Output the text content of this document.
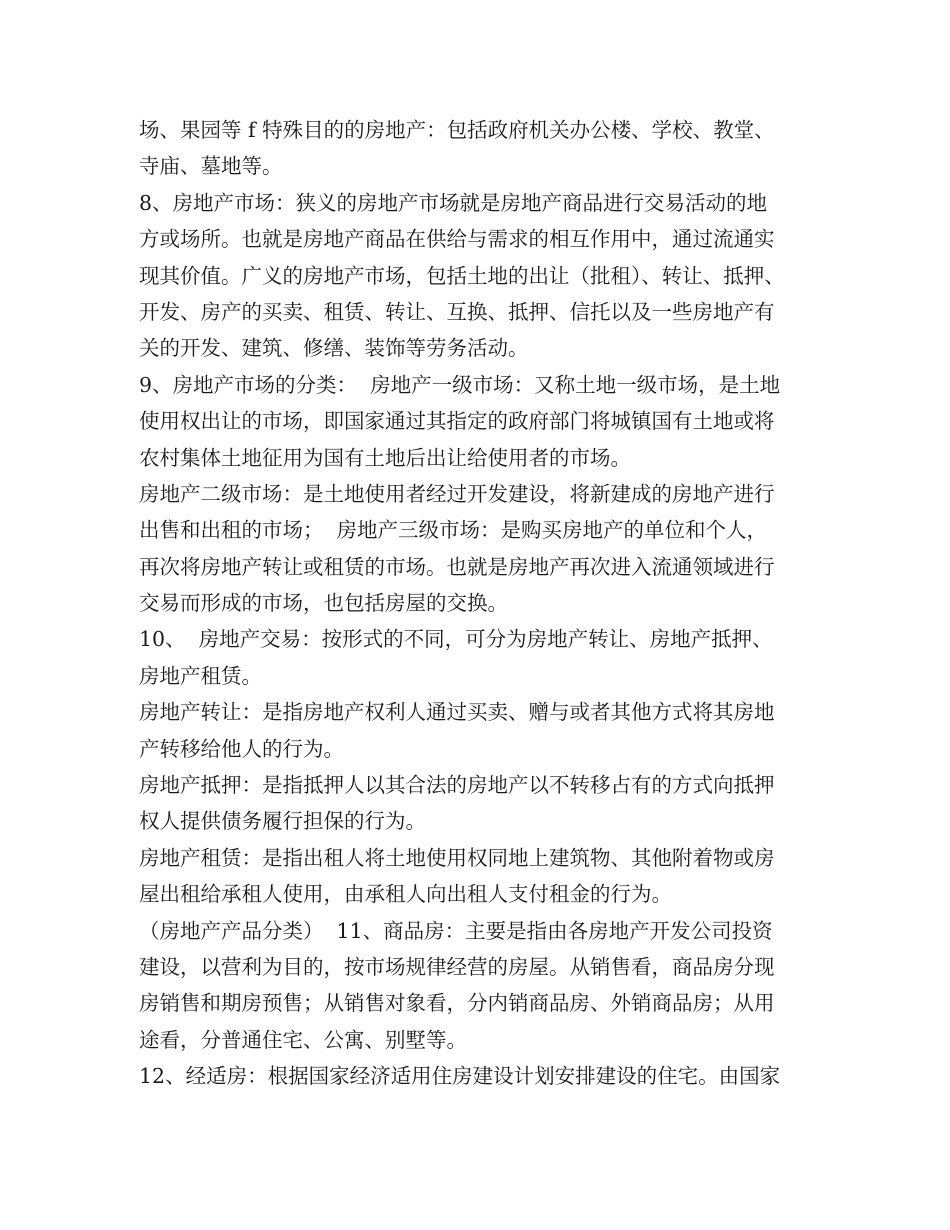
场、果园等 f 特殊目的的房地产：包括政府机关办公楼、学校、教堂、
寺庙、墓地等。
8、房地产市场：狭义的房地产市场就是房地产商品进行交易活动的地
方或场所。也就是房地产商品在供给与需求的相互作用中，通过流通实
现其价值。广义的房地产市场，包括土地的出让（批租）、转让、抵押、
开发、房产的买卖、租赁、转让、互换、抵押、信托以及一些房地产有
关的开发、建筑、修缮、装饰等劳务活动。
9、房地产市场的分类：  房地产一级市场：又称土地一级市场，是土地
使用权出让的市场，即国家通过其指定的政府部门将城镇国有土地或将
农村集体土地征用为国有土地后出让给使用者的市场。
房地产二级市场：是土地使用者经过开发建设，将新建成的房地产进行
出售和出租的市场；  房地产三级市场：是购买房地产的单位和个人，
再次将房地产转让或租赁的市场。也就是房地产再次进入流通领域进行
交易而形成的市场，也包括房屋的交换。
10、  房地产交易：按形式的不同，可分为房地产转让、房地产抵押、
房地产租赁。
房地产转让：是指房地产权利人通过买卖、赠与或者其他方式将其房地
产转移给他人的行为。
房地产抵押：是指抵押人以其合法的房地产以不转移占有的方式向抵押
权人提供债务履行担保的行为。
房地产租赁：是指出租人将土地使用权同地上建筑物、其他附着物或房
屋出租给承租人使用，由承租人向出租人支付租金的行为。
（房地产产品分类）  11、商品房：主要是指由各房地产开发公司投资
建设，以营利为目的，按市场规律经营的房屋。从销售看，商品房分现
房销售和期房预售；从销售对象看，分内销商品房、外销商品房；从用
途看，分普通住宅、公寓、别墅等。
12、经适房：根据国家经济适用住房建设计划安排建设的住宅。由国家
